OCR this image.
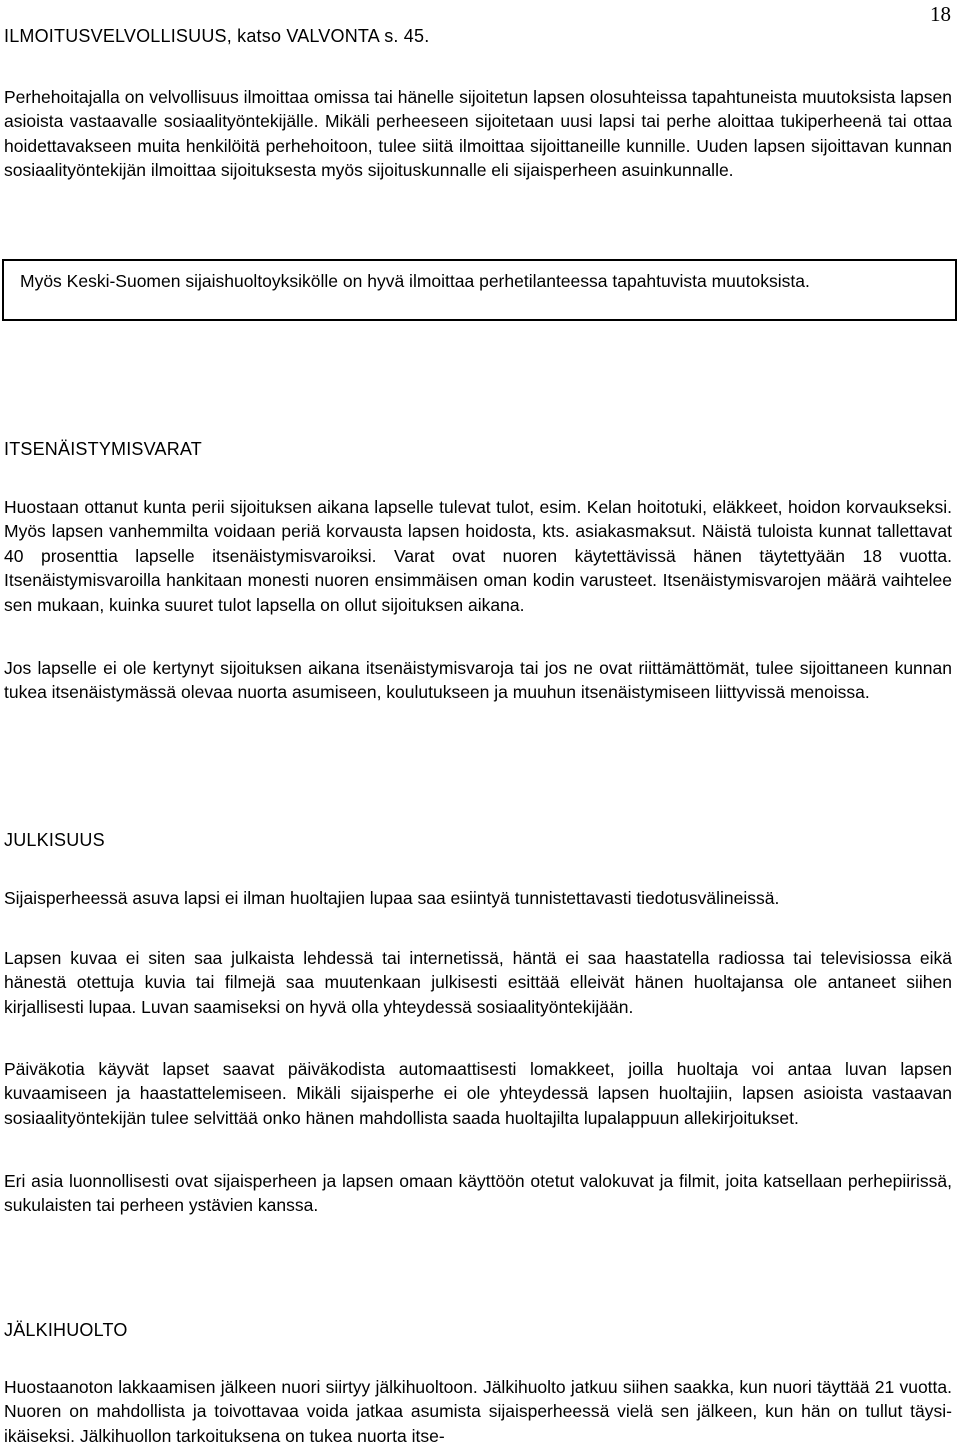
18
ILMOITUSVELVOLLISUUS, katso VALVONTA s. 45.

Perhehoitajalla on velvollisuus ilmoittaa omissa tai hänelle sijoitetun lapsen olosuhteissa tapahtuneista muutoksista lapsen asioista vastaavalle sosiaalityöntekijälle. Mikäli perheeseen sijoitetaan uusi lapsi tai perhe aloittaa tukiperheenä tai ottaa hoidettavakseen muita henkilöitä perhehoitoon, tulee siitä ilmoittaa sijoittaneille kunnille. Uuden lapsen sijoittavan kunnan sosiaalityöntekijän ilmoittaa sijoituksesta myös sijoituskunnalle eli sijaisperheen asuinkunnalle.

Myös Keski-Suomen sijaishuoltoyksikölle on hyvä ilmoittaa perhetilanteessa tapahtuvista muutoksista.

ITSENÄISTYMISVARAT

Huostaan ottanut kunta perii sijoituksen aikana lapselle tulevat tulot, esim. Kelan hoitotuki, eläkkeet, hoidon korvaukseksi. Myös lapsen vanhemmilta voidaan periä korvausta lapsen hoidosta, kts. asiakasmaksut. Näistä tuloista kunnat tallettavat 40 prosenttia lapselle itsenäistymisvaroiksi. Varat ovat nuoren käytettävissä hänen täytettyään 18 vuotta. Itsenäistymisvaroilla hankitaan monesti nuoren ensimmäisen oman kodin varusteet. Itsenäistymisvarojen määrä vaihtelee sen mukaan, kuinka suuret tulot lapsella on ollut sijoituksen aikana.

Jos lapselle ei ole kertynyt sijoituksen aikana itsenäistymisvaroja tai jos ne ovat riittämättömät, tulee sijoittaneen kunnan tukea itsenäistymässä olevaa nuorta asumiseen, koulutukseen ja muuhun itsenäistymiseen liittyvissä menoissa.

JULKISUUS

Sijaisperheessä asuva lapsi ei ilman huoltajien lupaa saa esiintyä tunnistettavasti tiedotusvälineissä.

Lapsen kuvaa ei siten saa julkaista lehdessä tai internetissä, häntä ei saa haastatella radiossa tai televisiossa eikä hänestä otettuja kuvia tai filmejä saa muutenkaan julkisesti esittää elleivät hänen huoltajansa ole antaneet siihen kirjallisesti lupaa. Luvan saamiseksi on hyvä olla yhteydessä sosiaalityöntekijään.

Päiväkotia käyvät lapset saavat päiväkodista automaattisesti lomakkeet, joilla huoltaja voi antaa luvan lapsen kuvaamiseen ja haastattelemiseen. Mikäli sijaisperhe ei ole yhteydessä lapsen huoltajiin, lapsen asioista vastaavan sosiaalityöntekijän tulee selvittää onko hänen mahdollista saada huoltajilta lupalappuun allekirjoitukset.

Eri asia luonnollisesti ovat sijaisperheen ja lapsen omaan käyttöön otetut valokuvat ja filmit, joita katsellaan perhepiirissä, sukulaisten tai perheen ystävien kanssa.

JÄLKIHUOLTO

Huostaanoton lakkaamisen jälkeen nuori siirtyy jälkihuoltoon. Jälkihuolto jatkuu siihen saakka, kun nuori täyttää 21 vuotta. Nuoren on mahdollista ja toivottavaa voida jatkaa asumista sijaisperheessä vielä sen jälkeen, kun hän on tullut täysi-ikäiseksi. Jälkihuollon tarkoituksena on tukea nuorta itse-
